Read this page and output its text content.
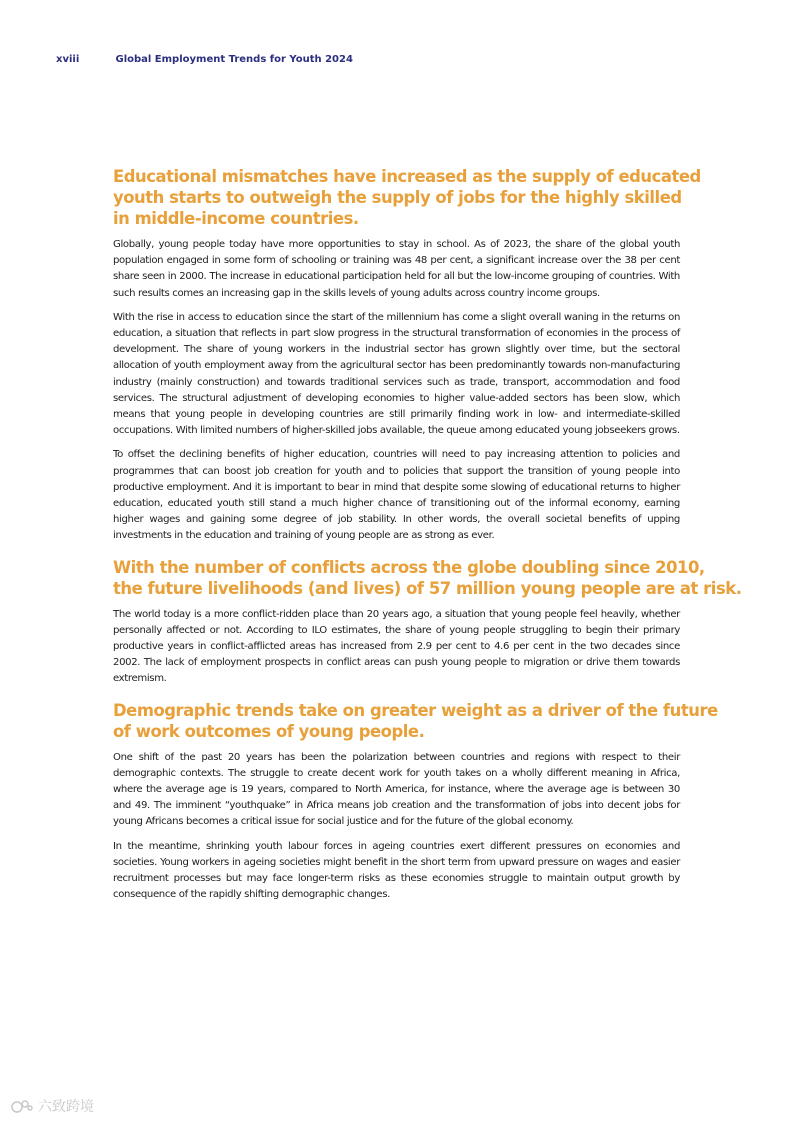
xviii	Global Employment Trends for Youth 2024
Educational mismatches have increased as the supply of educated
youth starts to outweigh the supply of jobs for the highly skilled
in middle-income countries.

Globally, young people today have more opportunities to stay in school. As of 2023, the share of the global youth population engaged in some form of schooling or training was 48 per cent, a significant increase over the 38 per cent share seen in 2000. The increase in educational participation held for all but the low-income grouping of countries. With such results comes an increasing gap in the skills levels of young adults across country income groups.

With the rise in access to education since the start of the millennium has come a slight overall waning in the returns on education, a situation that reflects in part slow progress in the structural transformation of economies in the process of development. The share of young workers in the industrial sector has grown slightly over time, but the sectoral allocation of youth employment away from the agricultural sector has been predominantly towards non-manufacturing industry (mainly construction) and towards traditional services such as trade, transport, accommodation and food services. The structural adjustment of developing economies to higher value-added sectors has been slow, which means that young people in developing countries are still primarily finding work in low- and intermediate-skilled occupations. With limited numbers of higher-skilled jobs available, the queue among educated young jobseekers grows.

To offset the declining benefits of higher education, countries will need to pay increasing attention to policies and programmes that can boost job creation for youth and to policies that support the transition of young people into productive employment. And it is important to bear in mind that despite some slowing of educational returns to higher education, educated youth still stand a much higher chance of transitioning out of the informal economy, earning higher wages and gaining some degree of job stability. In other words, the overall societal benefits of upping investments in the education and training of young people are as strong as ever.

With the number of conflicts across the globe doubling since 2010,
the future livelihoods (and lives) of 57 million young people are at risk.

The world today is a more conflict-ridden place than 20 years ago, a situation that young people feel heavily, whether personally affected or not. According to ILO estimates, the share of young people struggling to begin their primary productive years in conflict-afflicted areas has increased from 2.9 per cent to 4.6 per cent in the two decades since 2002. The lack of employment prospects in conflict areas can push young people to migration or drive them towards extremism.

Demographic trends take on greater weight as a driver of the future
of work outcomes of young people.

One shift of the past 20 years has been the polarization between countries and regions with respect to their demographic contexts. The struggle to create decent work for youth takes on a wholly different meaning in Africa, where the average age is 19 years, compared to North America, for instance, where the average age is between 30 and 49. The imminent “youthquake” in Africa means job creation and the transformation of jobs into decent jobs for young Africans becomes a critical issue for social justice and for the future of the global economy.

In the meantime, shrinking youth labour forces in ageing countries exert different pressures on economies and societies. Young workers in ageing societies might benefit in the short term from upward pressure on wages and easier recruitment processes but may face longer-term risks as these economies struggle to maintain output growth by consequence of the rapidly shifting demographic changes.

六致跨境
